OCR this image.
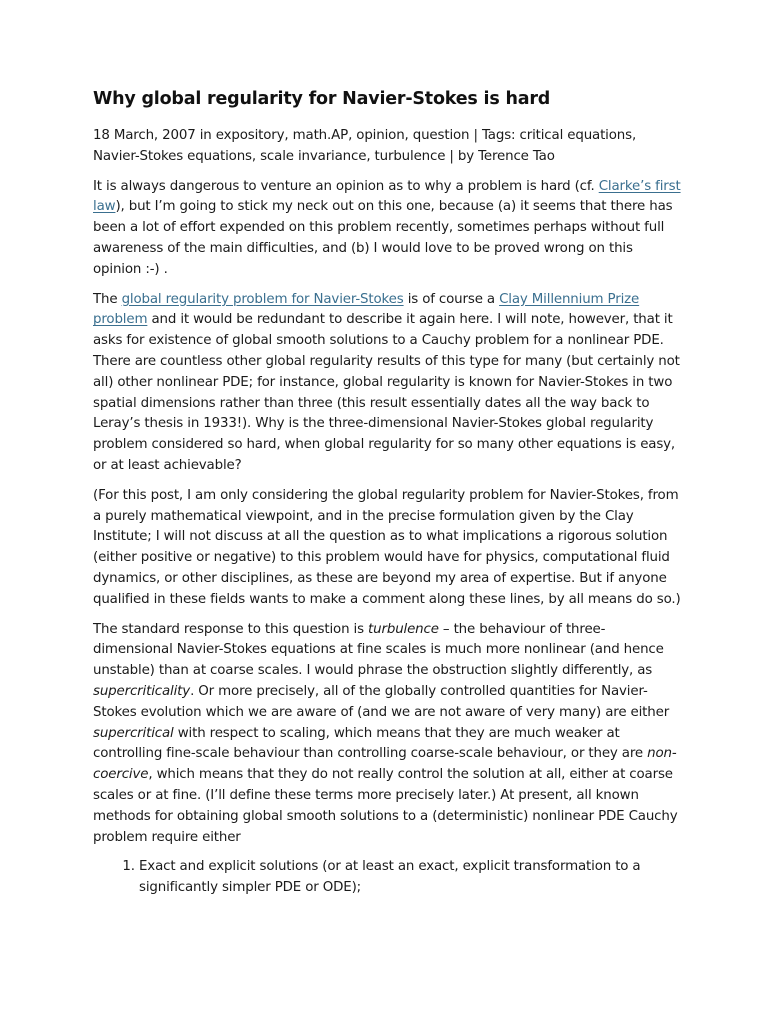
Why global regularity for Navier-Stokes is hard

18 March, 2007 in expository, math.AP, opinion, question | Tags: critical equations, Navier-Stokes equations, scale invariance, turbulence | by Terence Tao

It is always dangerous to venture an opinion as to why a problem is hard (cf. Clarke’s first law), but I’m going to stick my neck out on this one, because (a) it seems that there has been a lot of effort expended on this problem recently, sometimes perhaps without full awareness of the main difficulties, and (b) I would love to be proved wrong on this opinion :-) .

The global regularity problem for Navier-Stokes is of course a Clay Millennium Prize problem and it would be redundant to describe it again here. I will note, however, that it asks for existence of global smooth solutions to a Cauchy problem for a nonlinear PDE. There are countless other global regularity results of this type for many (but certainly not all) other nonlinear PDE; for instance, global regularity is known for Navier-Stokes in two spatial dimensions rather than three (this result essentially dates all the way back to Leray’s thesis in 1933!). Why is the three-dimensional Navier-Stokes global regularity problem considered so hard, when global regularity for so many other equations is easy, or at least achievable?

(For this post, I am only considering the global regularity problem for Navier-Stokes, from a purely mathematical viewpoint, and in the precise formulation given by the Clay Institute; I will not discuss at all the question as to what implications a rigorous solution (either positive or negative) to this problem would have for physics, computational fluid dynamics, or other disciplines, as these are beyond my area of expertise. But if anyone qualified in these fields wants to make a comment along these lines, by all means do so.)

The standard response to this question is turbulence – the behaviour of three-dimensional Navier-Stokes equations at fine scales is much more nonlinear (and hence unstable) than at coarse scales. I would phrase the obstruction slightly differently, as supercriticality. Or more precisely, all of the globally controlled quantities for Navier-Stokes evolution which we are aware of (and we are not aware of very many) are either supercritical with respect to scaling, which means that they are much weaker at controlling fine-scale behaviour than controlling coarse-scale behaviour, or they are non-coercive, which means that they do not really control the solution at all, either at coarse scales or at fine. (I’ll define these terms more precisely later.) At present, all known methods for obtaining global smooth solutions to a (deterministic) nonlinear PDE Cauchy problem require either

1. Exact and explicit solutions (or at least an exact, explicit transformation to a significantly simpler PDE or ODE);
